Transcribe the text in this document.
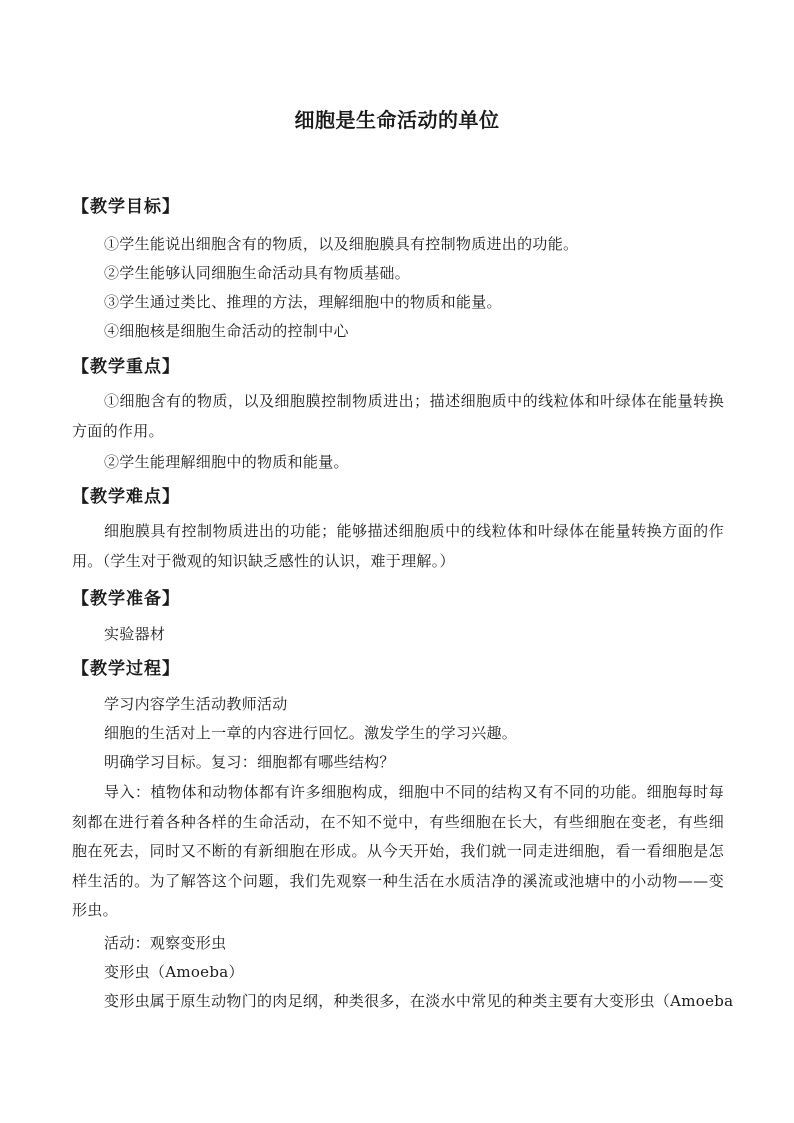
细胞是生命活动的单位
【教学目标】
①学生能说出细胞含有的物质，以及细胞膜具有控制物质进出的功能。
②学生能够认同细胞生命活动具有物质基础。
③学生通过类比、推理的方法，理解细胞中的物质和能量。
④细胞核是细胞生命活动的控制中心
【教学重点】

①细胞含有的物质，以及细胞膜控制物质进出；描述细胞质中的线粒体和叶绿体在能量转换方面的作用。

②学生能理解细胞中的物质和能量。
【教学难点】

细胞膜具有控制物质进出的功能；能够描述细胞质中的线粒体和叶绿体在能量转换方面的作用。（学生对于微观的知识缺乏感性的认识，难于理解。）

【教学准备】
实验器材
【教学过程】
学习内容学生活动教师活动
细胞的生活对上一章的内容进行回忆。激发学生的学习兴趣。
明确学习目标。复习：细胞都有哪些结构？

导入：植物体和动物体都有许多细胞构成，细胞中不同的结构又有不同的功能。细胞每时每刻都在进行着各种各样的生命活动，在不知不觉中，有些细胞在长大，有些细胞在变老，有些细胞在死去，同时又不断的有新细胞在形成。从今天开始，我们就一同走进细胞，看一看细胞是怎样生活的。为了解答这个问题，我们先观察一种生活在水质洁净的溪流或池塘中的小动物——变形虫。

活动：观察变形虫
变形虫（Amoeba）
变形虫属于原生动物门的肉足纲，种类很多，在淡水中常见的种类主要有大变形虫（Amoeba
